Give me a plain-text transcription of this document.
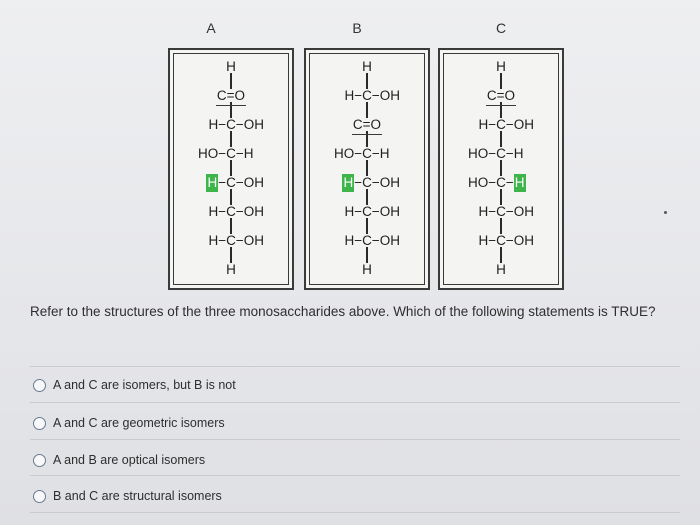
A	B	C
H
C=O
H−C−OH
HO−C−H
H−C−OH
H−C−OH
H−C−OH
H
H
H−C−OH
C=O
HO−C−H
H−C−OH
H−C−OH
H−C−OH
H
H
C=O
H−C−OH
HO−C−H
HO−C−H
H−C−OH
H−C−OH
H
Refer to the structures of the three monosaccharides above. Which of the following statements is TRUE?
A and C are isomers, but B is not
A and C are geometric isomers
A and B are optical isomers
B and C are structural isomers
